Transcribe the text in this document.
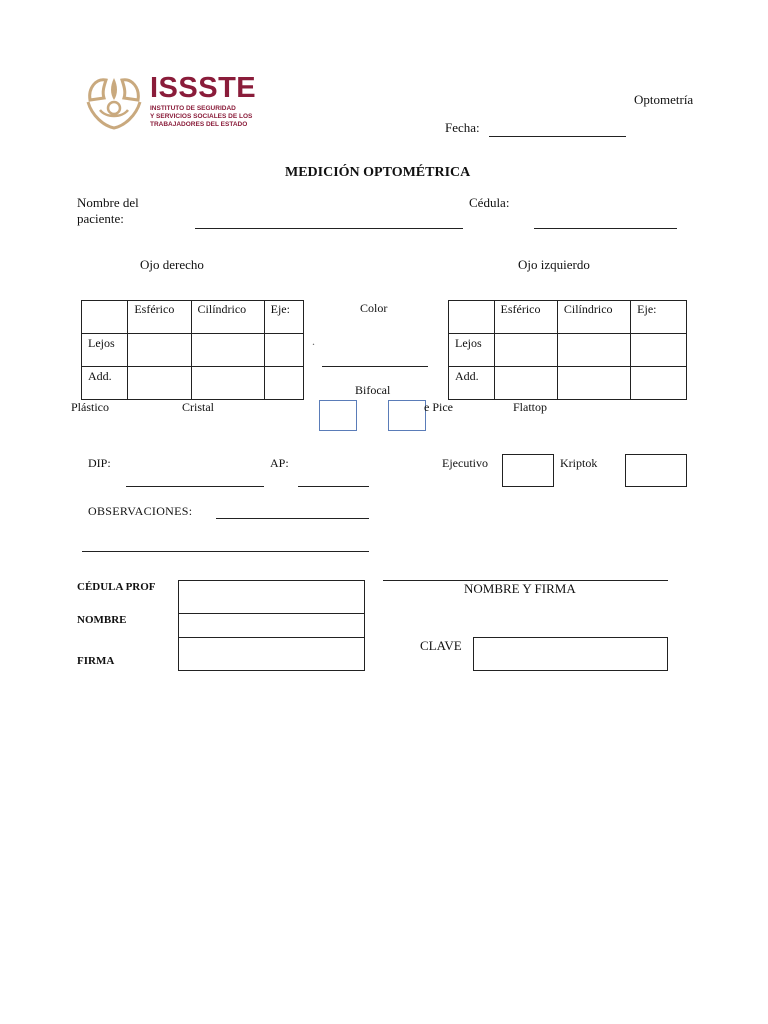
ISSSTE
INSTITUTO DE SEGURIDAD
Y SERVICIOS SOCIALES DE LOS
TRABAJADORES DEL ESTADO
Optometría
Fecha:
MEDICIÓN OPTOMÉTRICA
Nombre del
paciente:
Cédula:
Ojo derecho	Ojo izquierdo
	Esférico	Cilíndrico	Eje:
Lejos			
Add.			
	Esférico	Cilíndrico	Eje:
Lejos			
Add.			
Color
.
Bifocal
Plástico	Cristal	e Pice	Flattop
DIP:	AP:	Ejecutivo	Kriptok
OBSERVACIONES:
CÉDULA PROF
NOMBRE
FIRMA
NOMBRE Y FIRMA
CLAVE
